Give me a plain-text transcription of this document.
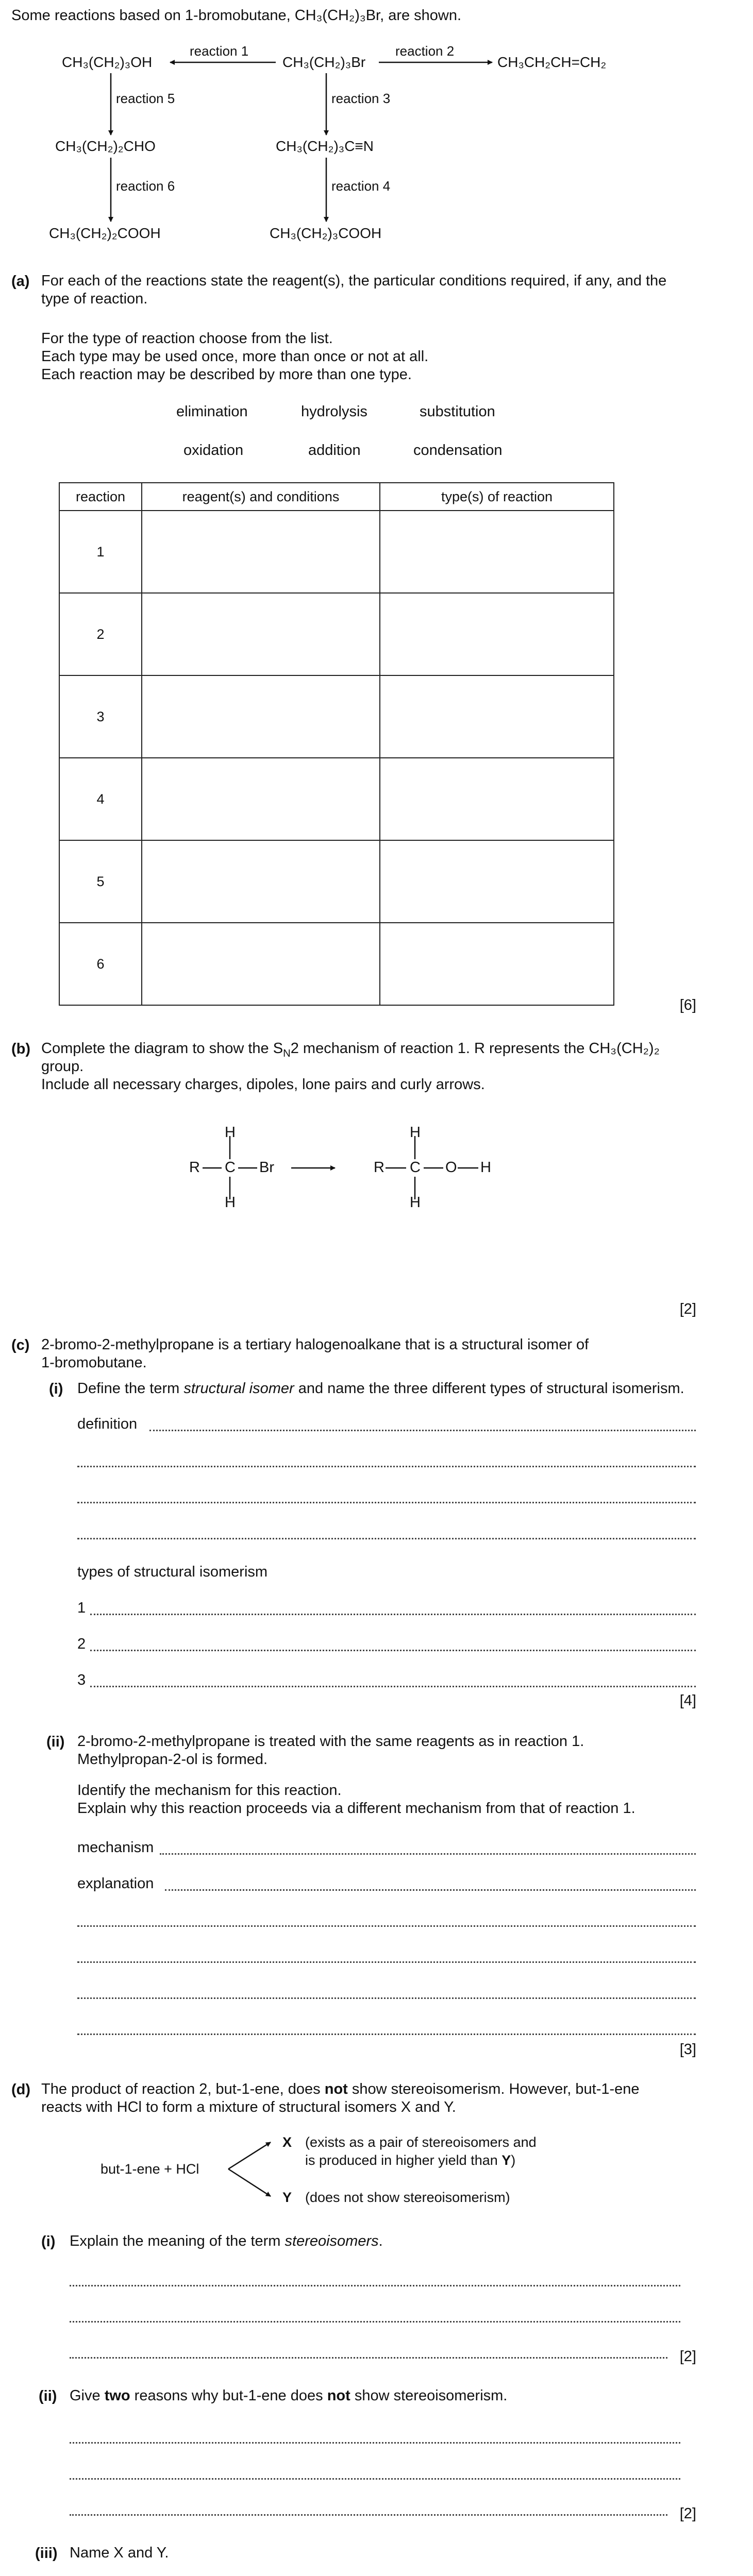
Some reactions based on 1-bromobutane, CH₃(CH₂)₃Br, are shown.
CH₃(CH₂)₃OH	CH₃(CH₂)₃Br	CH₃CH₂CH=CH₂
CH₃(CH₂)₂CHO	CH₃(CH₂)₃C≡N
CH₃(CH₂)₂COOH	CH₃(CH₂)₃COOH
reaction 1	reaction 2
reaction 5	reaction 3
reaction 6	reaction 4
(a) For each of the reactions state the reagent(s), the particular conditions required, if any, and the
type of reaction.
For the type of reaction choose from the list.
Each type may be used once, more than once or not at all.
Each reaction may be described by more than one type.
elimination	hydrolysis	substitution
oxidation	addition	condensation
reaction	reagent(s) and conditions	type(s) of reaction
1		
2		
3		
4		
5		
6		
[6]
(b) Complete the diagram to show the $S_N2$ mechanism of reaction 1. R represents the CH₃(CH₂)₂
group.
Include all necessary charges, dipoles, lone pairs and curly arrows.
R C Br
H
H
R C O H
H
H
[2]
(c) 2-bromo-2-methylpropane is a tertiary halogenoalkane that is a structural isomer of
1-bromobutane.
(i) Define the term structural isomer and name the three different types of structural isomerism.
definition
types of structural isomerism
1
2
3
[4]
(ii) 2-bromo-2-methylpropane is treated with the same reagents as in reaction 1.
Methylpropan-2-ol is formed.
Identify the mechanism for this reaction.
Explain why this reaction proceeds via a different mechanism from that of reaction 1.
mechanism
explanation
[3]
(d) The product of reaction 2, but-1-ene, does not show stereoisomerism. However, but-1-ene
reacts with HCl to form a mixture of structural isomers X and Y.
but-1-ene + HCl
X (exists as a pair of stereoisomers and
is produced in higher yield than Y)
Y (does not show stereoisomerism)
(i) Explain the meaning of the term stereoisomers.
[2]
(ii) Give two reasons why but-1-ene does not show stereoisomerism.
[2]
(iii) Name X and Y.
